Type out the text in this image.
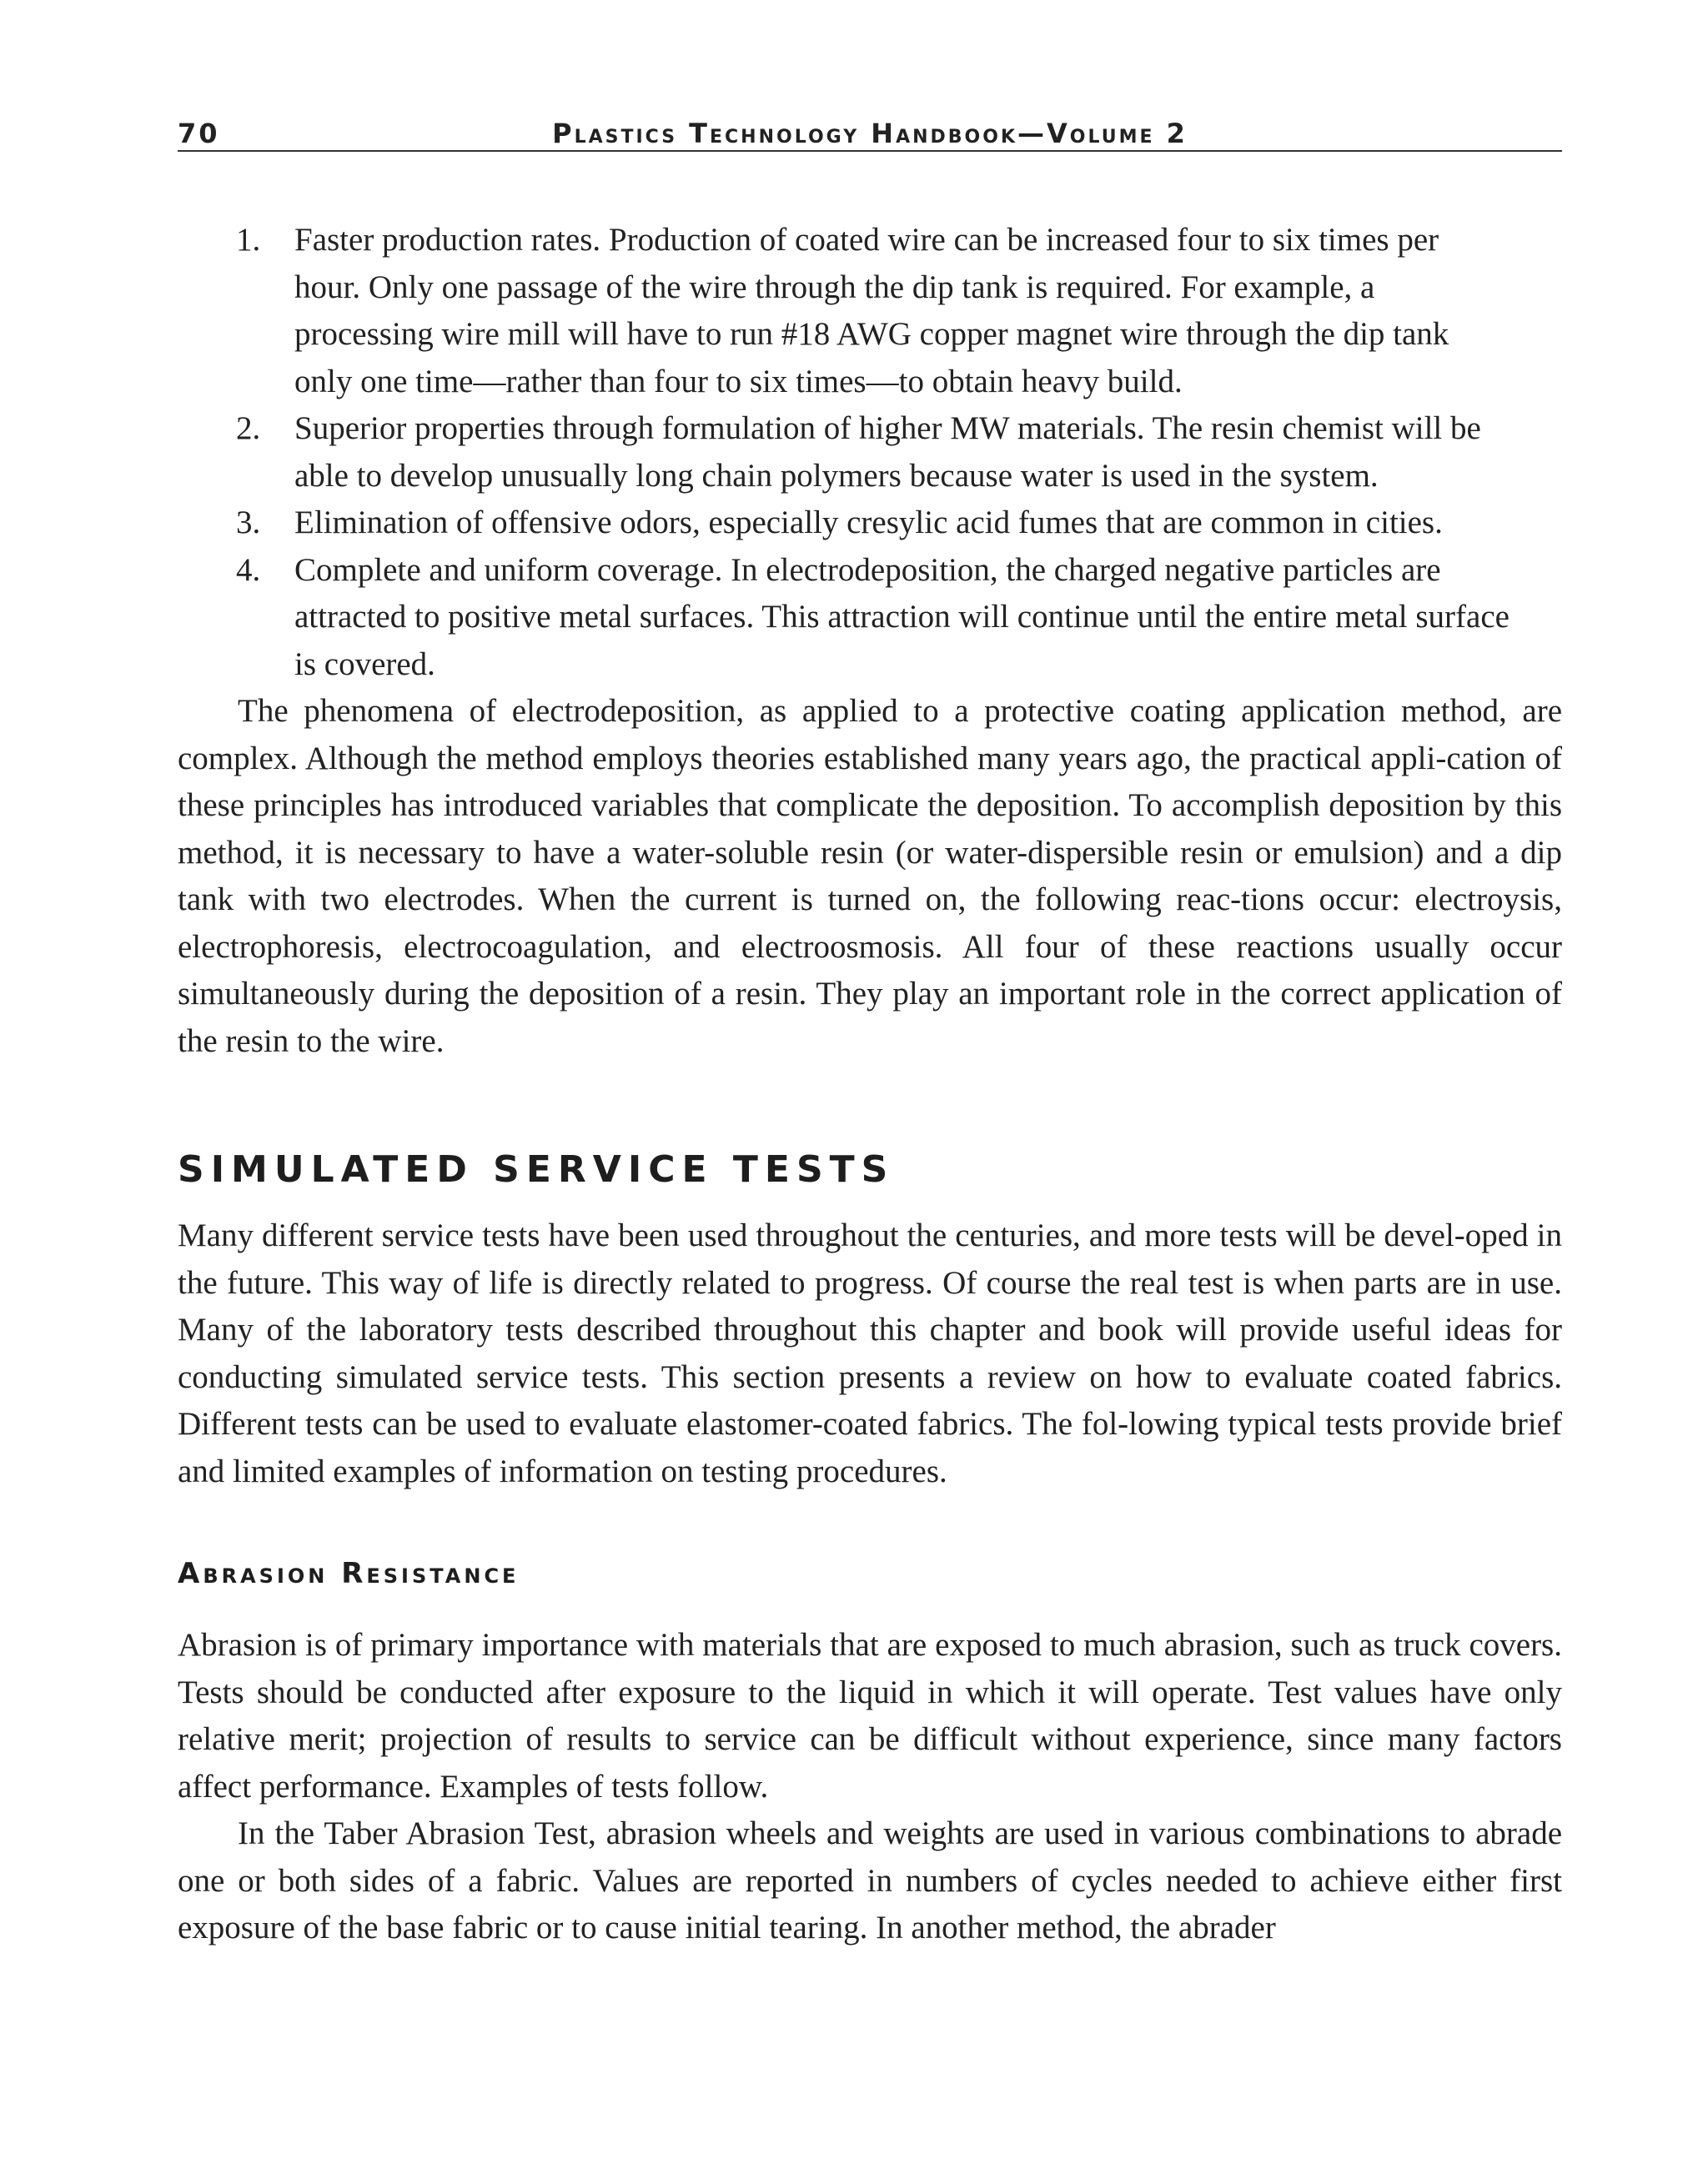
70	Plastics Technology Handbook—Volume 2
1.	Faster production rates. Production of coated wire can be increased four to six times per hour. Only one passage of the wire through the dip tank is required. For example, a processing wire mill will have to run #18 AWG copper magnet wire through the dip tank only one time—rather than four to six times—to obtain heavy build.
2.	Superior properties through formulation of higher MW materials. The resin chemist will be able to develop unusually long chain polymers because water is used in the system.
3.	Elimination of offensive odors, especially cresylic acid fumes that are common in cities.
4.	Complete and uniform coverage. In electrodeposition, the charged negative particles are attracted to positive metal surfaces. This attraction will continue until the entire metal surface is covered.

The phenomena of electrodeposition, as applied to a protective coating application method, are complex. Although the method employs theories established many years ago, the practical appli-cation of these principles has introduced variables that complicate the deposition. To accomplish deposition by this method, it is necessary to have a water-soluble resin (or water-dispersible resin or emulsion) and a dip tank with two electrodes. When the current is turned on, the following reac-tions occur: electroysis, electrophoresis, electrocoagulation, and electroosmosis. All four of these reactions usually occur simultaneously during the deposition of a resin. They play an important role in the correct application of the resin to the wire.

SIMULATED SERVICE TESTS

Many different service tests have been used throughout the centuries, and more tests will be devel-oped in the future. This way of life is directly related to progress. Of course the real test is when parts are in use. Many of the laboratory tests described throughout this chapter and book will provide useful ideas for conducting simulated service tests. This section presents a review on how to evaluate coated fabrics. Different tests can be used to evaluate elastomer-coated fabrics. The fol-lowing typical tests provide brief and limited examples of information on testing procedures.

Abrasion Resistance

Abrasion is of primary importance with materials that are exposed to much abrasion, such as truck covers. Tests should be conducted after exposure to the liquid in which it will operate. Test values have only relative merit; projection of results to service can be difficult without experience, since many factors affect performance. Examples of tests follow.

In the Taber Abrasion Test, abrasion wheels and weights are used in various combinations to abrade one or both sides of a fabric. Values are reported in numbers of cycles needed to achieve either first exposure of the base fabric or to cause initial tearing. In another method, the abrader
